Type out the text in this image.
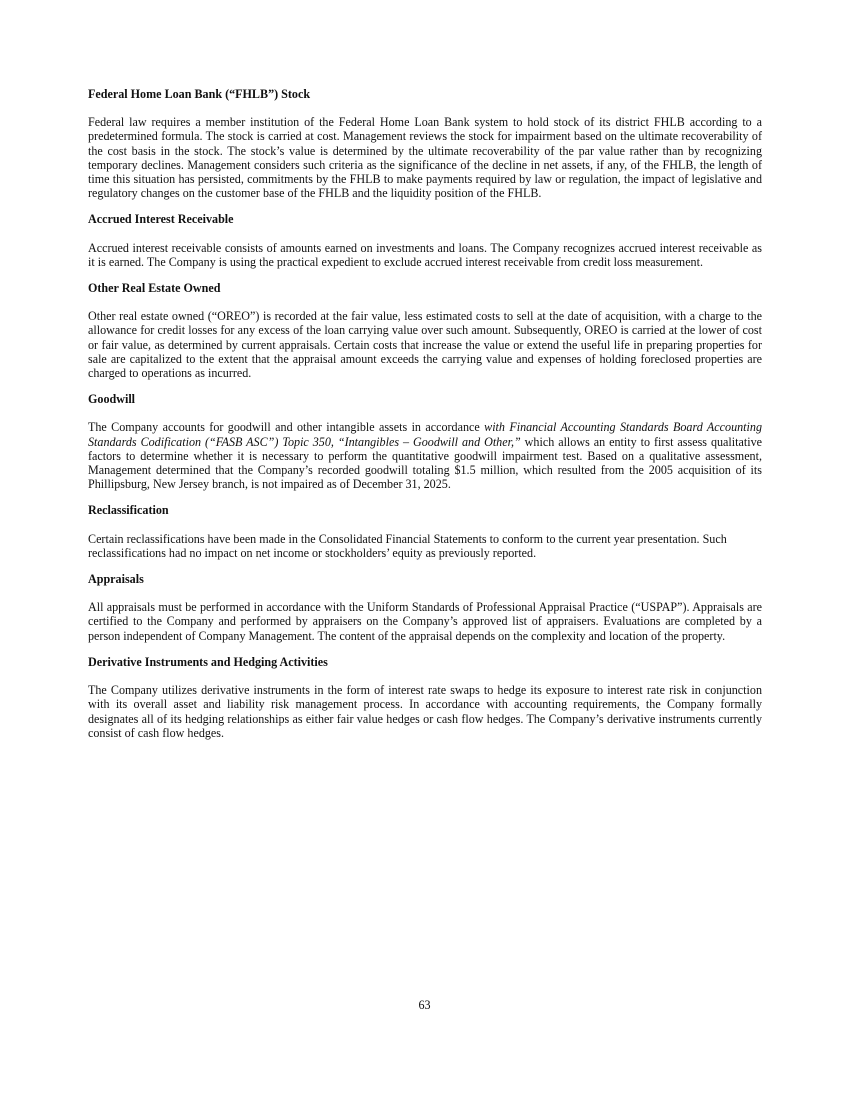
Federal Home Loan Bank (“FHLB”) Stock

Federal law requires a member institution of the Federal Home Loan Bank system to hold stock of its district FHLB according to a predetermined formula. The stock is carried at cost. Management reviews the stock for impairment based on the ultimate recoverability of the cost basis in the stock. The stock’s value is determined by the ultimate recoverability of the par value rather than by recognizing temporary declines. Management considers such criteria as the significance of the decline in net assets, if any, of the FHLB, the length of time this situation has persisted, commitments by the FHLB to make payments required by law or regulation, the impact of legislative and regulatory changes on the customer base of the FHLB and the liquidity position of the FHLB.

Accrued Interest Receivable

Accrued interest receivable consists of amounts earned on investments and loans. The Company recognizes accrued interest receivable as it is earned. The Company is using the practical expedient to exclude accrued interest receivable from credit loss measurement.

Other Real Estate Owned

Other real estate owned (“OREO”) is recorded at the fair value, less estimated costs to sell at the date of acquisition, with a charge to the allowance for credit losses for any excess of the loan carrying value over such amount. Subsequently, OREO is carried at the lower of cost or fair value, as determined by current appraisals. Certain costs that increase the value or extend the useful life in preparing properties for sale are capitalized to the extent that the appraisal amount exceeds the carrying value and expenses of holding foreclosed properties are charged to operations as incurred.

Goodwill

The Company accounts for goodwill and other intangible assets in accordance with Financial Accounting Standards Board Accounting Standards Codification (“FASB ASC”) Topic 350, “Intangibles – Goodwill and Other,” which allows an entity to first assess qualitative factors to determine whether it is necessary to perform the quantitative goodwill impairment test. Based on a qualitative assessment, Management determined that the Company’s recorded goodwill totaling $1.5 million, which resulted from the 2005 acquisition of its Phillipsburg, New Jersey branch, is not impaired as of December 31, 2025.

Reclassification

Certain reclassifications have been made in the Consolidated Financial Statements to conform to the current year presentation. Such reclassifications had no impact on net income or stockholders’ equity as previously reported.

Appraisals

All appraisals must be performed in accordance with the Uniform Standards of Professional Appraisal Practice (“USPAP”). Appraisals are certified to the Company and performed by appraisers on the Company’s approved list of appraisers. Evaluations are completed by a person independent of Company Management. The content of the appraisal depends on the complexity and location of the property.

Derivative Instruments and Hedging Activities

The Company utilizes derivative instruments in the form of interest rate swaps to hedge its exposure to interest rate risk in conjunction with its overall asset and liability risk management process. In accordance with accounting requirements, the Company formally designates all of its hedging relationships as either fair value hedges or cash flow hedges. The Company’s derivative instruments currently consist of cash flow hedges.

63
